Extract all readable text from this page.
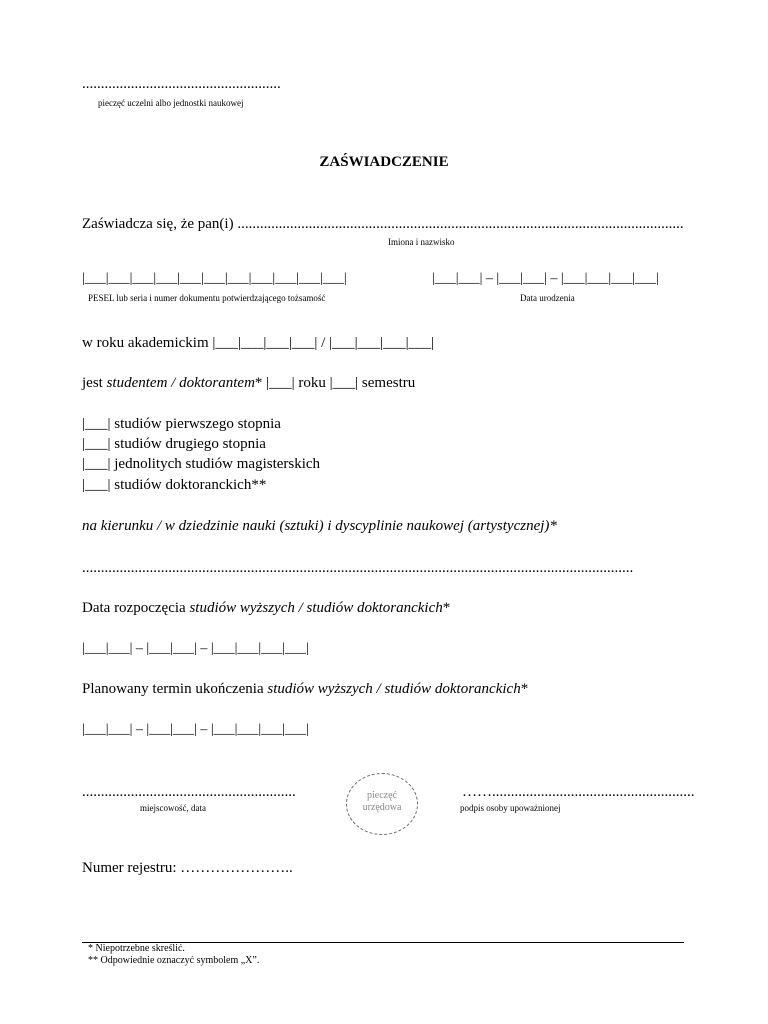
.....................................................
pieczęć uczelni albo jednostki naukowej
ZAŚWIADCZENIE
Zaświadcza się, że pan(i) .......................................................................................................................
Imiona i nazwisko
|___|___|___|___|___|___|___|___|___|___|___|
PESEL lub seria i numer dokumentu potwierdzającego tożsamość
|___|___| – |___|___| – |___|___|___|___|
Data urodzenia
w roku akademickim |___|___|___|___| / |___|___|___|___|
jest studentem / doktorantem* |___| roku |___| semestru
|___| studiów pierwszego stopnia
|___| studiów drugiego stopnia
|___| jednolitych studiów magisterskich
|___| studiów doktoranckich**
na kierunku / w dziedzinie nauki (sztuki) i dyscyplinie naukowej (artystycznej)*
...................................................................................................................................................
Data rozpoczęcia studiów wyższych / studiów doktoranckich*
|___|___| – |___|___| – |___|___|___|___|
Planowany termin ukończenia studiów wyższych / studiów doktoranckich*
|___|___| – |___|___| – |___|___|___|___|
.........................................................
miejscowość, data
pieczęć
urzędowa
……......................................................
podpis osoby upoważnionej
Numer rejestru: …………………..
* Niepotrzebne skreślić.
** Odpowiednie oznaczyć symbolem „X”.
